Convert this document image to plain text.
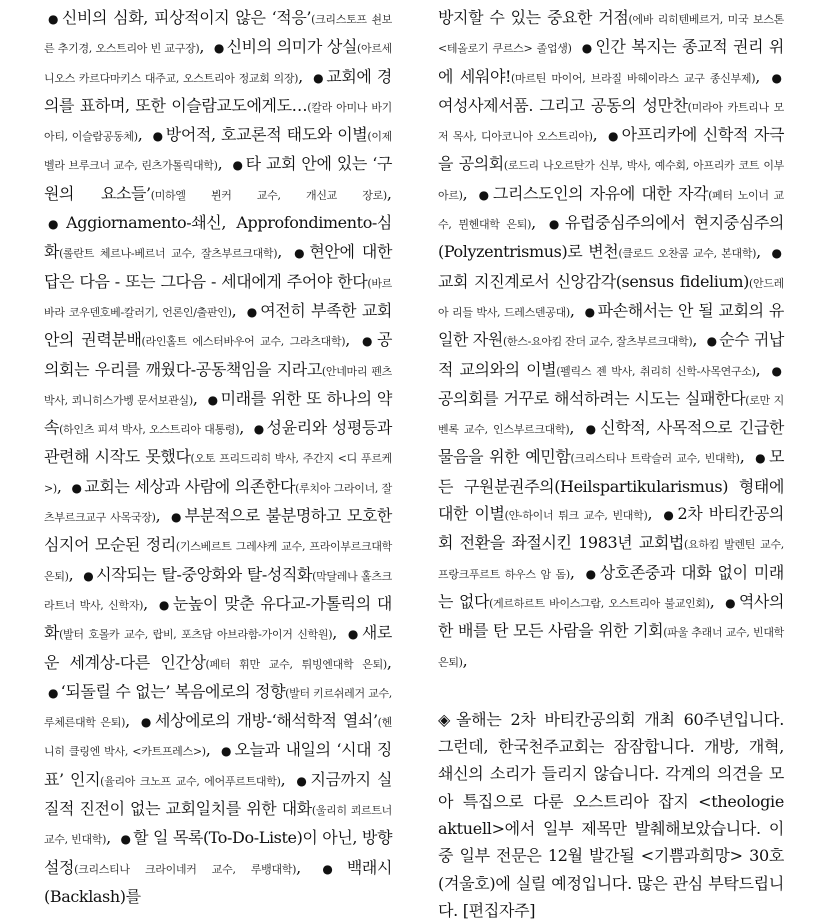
● 신비의 심화, 피상적이지 않은 ‘적응’(크리스토프 쇤보른 추기경, 오스트리아 빈 교구장), ● 신비의 의미가 상실(아르세니오스 카르다마키스 대주교, 오스트리아 정교회 의장), ● 교회에 경의를 표하며, 또한 이슬람교도에게도…(칼라 아미나 바기아티, 이슬람공동체), ● 방어적, 호교론적 태도와 이별(이제벨라 브루크너 교수, 린츠가톨릭대학), ● 타 교회 안에 있는 ‘구원의 요소들’(미하엘 뷘커 교수, 개신교 장로), ● Aggiornamento-쇄신, Approfondimento-심화(롤란트 체르나-베르너 교수, 잘츠부르크대학), ● 현안에 대한 답은 다음 - 또는 그다음 - 세대에게 주어야 한다(바르바라 코우덴호베-칼러기, 언론인/출판인), ● 여전히 부족한 교회 안의 권력분배(라인홀트 에스터바우어 교수, 그라츠대학), ● 공의회는 우리를 깨웠다-공동책임을 지라고(안네마리 펜츠 박사, 쾨니히스가벵 문서보관실), ● 미래를 위한 또 하나의 약속(하인츠 피셔 박사, 오스트리아 대통령), ● 성윤리와 성평등과 관련해 시작도 못했다(오토 프리드리히 박사, 주간지 <디 푸르케>), ● 교회는 세상과 사람에 의존한다(루치아 그라이너, 잘츠부르크교구 사목국장), ● 부분적으로 불분명하고 모호한 심지어 모순된 정리(기스베르트 그레샤케 교수, 프라이부르크대학 은퇴), ● 시작되는 탈-중앙화와 탈-성직화(막달레나 홀츠크라트너 박사, 신학자), ● 눈높이 맞춘 유다교-가톨릭의 대화(발터 호몰카 교수, 랍비, 포츠담 아브라함-가이거 신학원), ● 새로운 세계상-다른 인간상(페터 휘만 교수, 튀빙엔대학 은퇴), ● ‘되돌릴 수 없는’ 복음에로의 정향(발터 키르쉬레거 교수, 루체른대학 은퇴), ● 세상에로의 개방-‘해석학적 열쇠’(헨니히 클링엔 박사, <카트프레스>), ● 오늘과 내일의 ‘시대 징표’ 인지(율리아 크노프 교수, 에어푸르트대학), ● 지금까지 실질적 진전이 없는 교회일치를 위한 대화(울리히 쾨르트너 교수, 빈대학), ● 할 일 목록(To-Do-Liste)이 아닌, 방향설정(크리스티나 크라이네커 교수, 루뱅대학), ● 백래시(Backlash)를

방지할 수 있는 중요한 거점(에바 리히텐베르거, 미국 보스톤 <테올로기 쿠르스> 졸업생) ● 인간 복지는 종교적 권리 위에 세워야!(마르틴 마이어, 브라질 바헤이라스 교구 종신부제), ●여성사제서품. 그리고 공동의 성만찬(미라아 카트리나 모저 목사, 디아코니아 오스트리아), ● 아프리카에 신학적 자극을 공의회(로드리 나오르탄가 신부, 박사, 예수회, 아프리카 코트 이부아르), ● 그리스도인의 자유에 대한 자각(페터 노이너 교수, 뮌헨대학 은퇴), ● 유럽중심주의에서 현지중심주의(Polyzentrismus)로 변천(클로드 오찬콤 교수, 본대학), ●교회 지진계로서 신앙감각(sensus fidelium)(안드레아 리들 박사, 드레스덴공대), ● 파손해서는 안 될 교회의 유일한 자원(한스-요아킴 잔더 교수, 잘츠부르크대학), ● 순수 귀납적 교의와의 이별(펠릭스 젠 박사, 취리히 신학-사목연구소), ●공의회를 거꾸로 해석하려는 시도는 실패한다(로만 지벤록 교수, 인스부르크대학), ● 신학적, 사목적으로 긴급한 물음을 위한 예민함(크리스티나 트락슬러 교수, 빈대학), ● 모든 구원분권주의(Heilspartikularismus) 형태에 대한 이별(얀-하이너 튀크 교수, 빈대학), ● 2차 바티칸공의회 전환을 좌절시킨 1983년 교회법(요하킴 발렌틴 교수, 프랑크푸르트 하우스 암 돔), ● 상호존중과 대화 없이 미래는 없다(게르하르트 바이스그람, 오스트리아 불교인회), ● 역사의 한 배를 탄 모든 사람을 위한 기회(파울 추래너 교수, 빈대학 은퇴),

◈ 올해는 2차 바티칸공의회 개최 60주년입니다. 그런데, 한국천주교회는 잠잠합니다. 개방, 개혁, 쇄신의 소리가 들리지 않습니다. 각계의 의견을 모아 특집으로 다룬 오스트리아 잡지 <theologie aktuell>에서 일부 제목만 발췌해보았습니다. 이 중 일부 전문은 12월 발간될 <기쁨과희망> 30호(겨울호)에 실릴 예정입니다. 많은 관심 부탁드립니다. [편집자주]
